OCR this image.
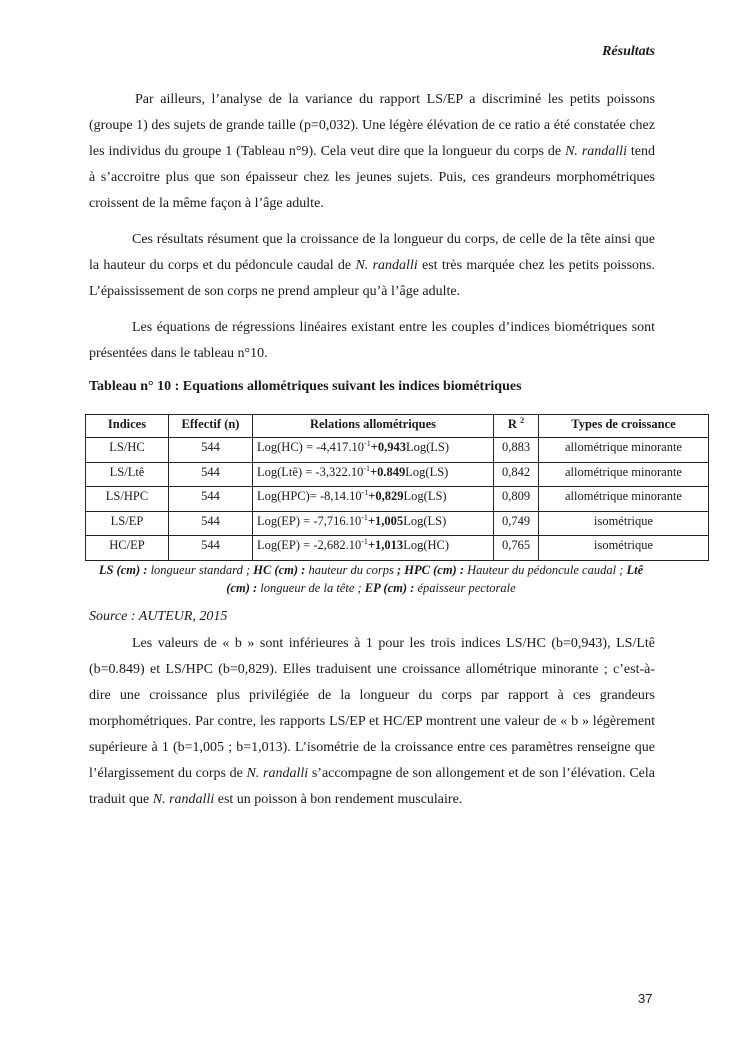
Résultats

Par ailleurs, l’analyse de la variance du rapport LS/EP a discriminé les petits poissons (groupe 1) des sujets de grande taille (p=0,032). Une légère élévation de ce ratio a été constatée chez les individus du groupe 1 (Tableau n°9). Cela veut dire que la longueur du corps de N. randalli tend à s’accroitre plus que son épaisseur chez les jeunes sujets. Puis, ces grandeurs morphométriques croissent de la même façon à l’âge adulte.

Ces résultats résument que la croissance de la longueur du corps, de celle de la tête ainsi que la hauteur du corps et du pédoncule caudal de N. randalli est très marquée chez les petits poissons. L’épaississement de son corps ne prend ampleur qu’à l’âge adulte.

Les équations de régressions linéaires existant entre les couples d’indices biométriques sont présentées dans le tableau n°10.

Tableau n° 10 : Equations allométriques suivant les indices biométriques
Indices	Effectif (n)	Relations allométriques	R $^2$	Types de croissance
LS/HC	544	$Log(HC) = -4,417.10^{-1}+0,943Log(LS)$	0,883	allométrique minorante
LS/Ltê	544	Log(Ltê) = $-3,322.10^{-1}+0.849Log(LS)$	0,842	allométrique minorante
LS/HPC	544	$Log(HPC)= -8,14.10^{-1}+0,829Log(LS)$	0,809	allométrique minorante
LS/EP	544	$Log(EP) = -7,716.10^{-1}+1,005Log(LS)$	0,749	isométrique
HC/EP	544	$Log(EP) = -2,682.10^{-1}+1,013Log(HC)$	0,765	isométrique
LS (cm) : longueur standard ; HC (cm) : hauteur du corps ; HPC (cm) : Hauteur du pédoncule caudal ; Ltê (cm) : longueur de la tête ; EP (cm) : épaisseur pectorale
Source : AUTEUR, 2015

Les valeurs de « b » sont inférieures à 1 pour les trois indices LS/HC (b=0,943), LS/Ltê (b=0.849) et LS/HPC (b=0,829). Elles traduisent une croissance allométrique minorante ; c’est-à-dire une croissance plus privilégiée de la longueur du corps par rapport à ces grandeurs morphométriques. Par contre, les rapports LS/EP et HC/EP montrent une valeur de « b » légèrement supérieure à 1 (b=1,005 ; b=1,013). L’isométrie de la croissance entre ces paramètres renseigne que l’élargissement du corps de N. randalli s’accompagne de son allongement et de son l’élévation. Cela traduit que N. randalli est un poisson à bon rendement musculaire.

37
